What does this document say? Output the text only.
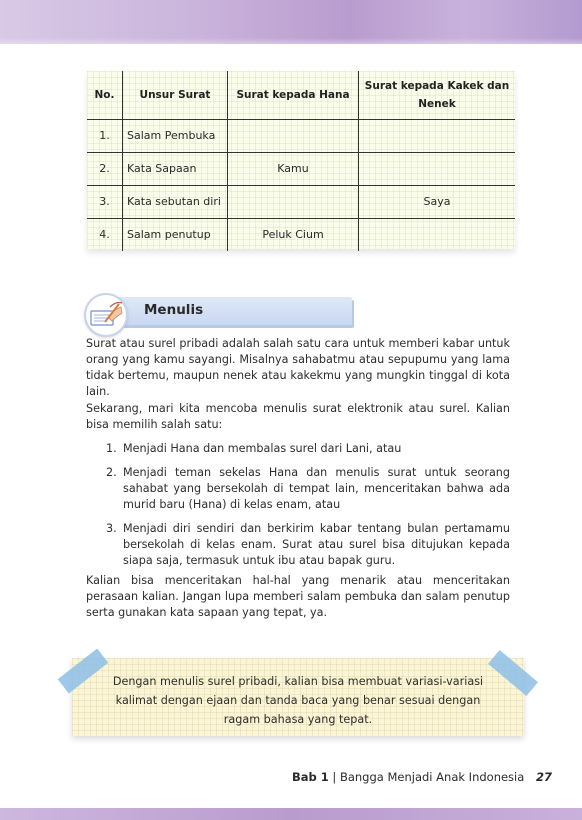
No.	Unsur Surat	Surat kepada Hana	Surat kepada Kakek dan Nenek
1.	Salam Pembuka		
2.	Kata Sapaan	Kamu	
3.	Kata sebutan diri		Saya
4.	Salam penutup	Peluk Cium	
Menulis

Surat atau surel pribadi adalah salah satu cara untuk memberi kabar untuk orang yang kamu sayangi. Misalnya sahabatmu atau sepupumu yang lama tidak bertemu, maupun nenek atau kakekmu yang mungkin tinggal di kota lain.

Sekarang, mari kita mencoba menulis surat elektronik atau surel. Kalian bisa memilih salah satu:

1. Menjadi Hana dan membalas surel dari Lani, atau
2. Menjadi teman sekelas Hana dan menulis surat untuk seorang sahabat yang bersekolah di tempat lain, menceritakan bahwa ada murid baru (Hana) di kelas enam, atau
3. Menjadi diri sendiri dan berkirim kabar tentang bulan pertamamu bersekolah di kelas enam. Surat atau surel bisa ditujukan kepada siapa saja, termasuk untuk ibu atau bapak guru.

Kalian bisa menceritakan hal-hal yang menarik atau menceritakan perasaan kalian. Jangan lupa memberi salam pembuka dan salam penutup serta gunakan kata sapaan yang tepat, ya.

Dengan menulis surel pribadi, kalian bisa membuat variasi-variasi kalimat dengan ejaan dan tanda baca yang benar sesuai dengan ragam bahasa yang tepat.
Bab 1 | Bangga Menjadi Anak Indonesia 27
